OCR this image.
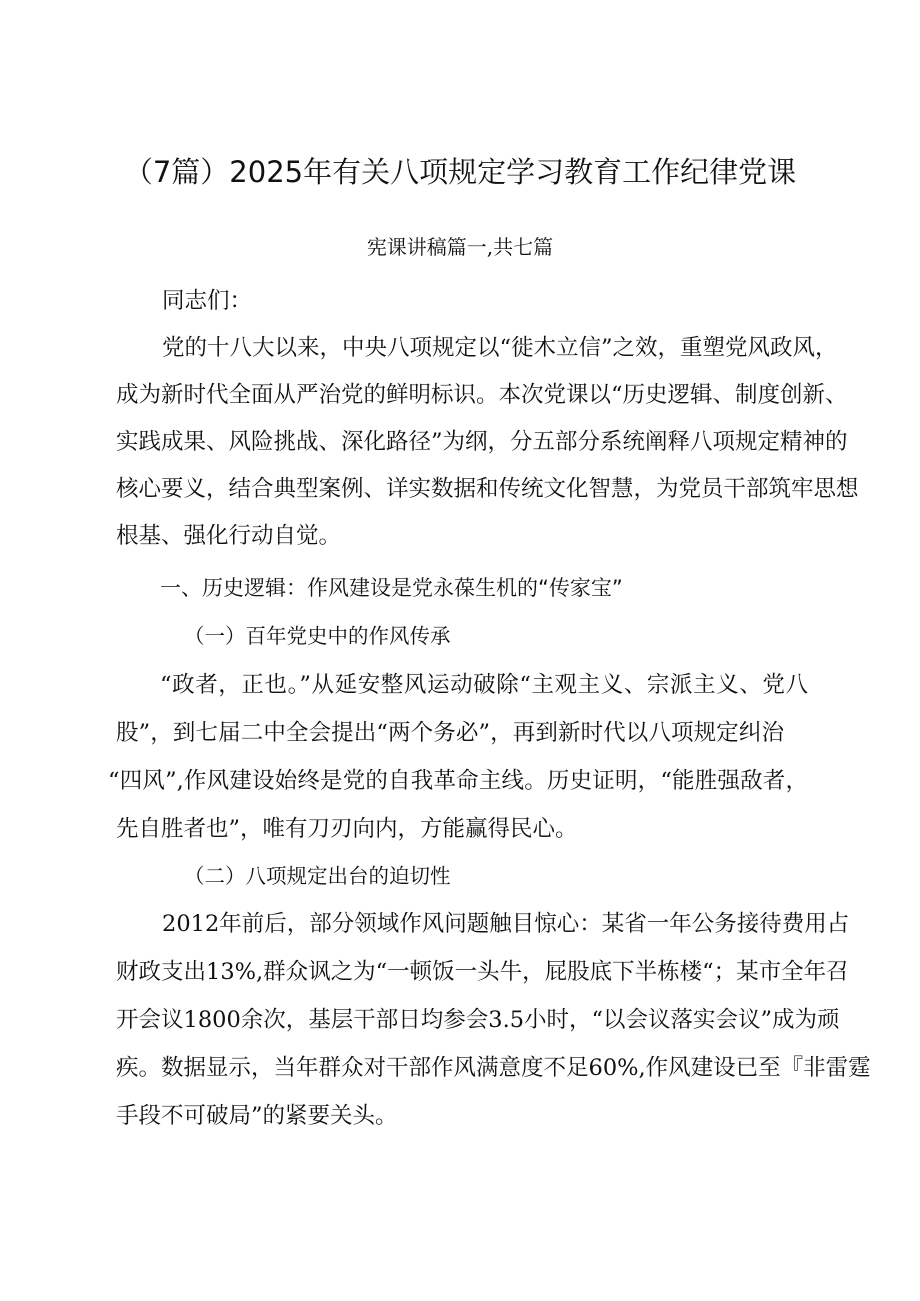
（7篇）2025年有关八项规定学习教育工作纪律党课
宪课讲稿篇一,共七篇
同志们：
党的十八大以来，中央八项规定以“徙木立信”之效，重塑党风政风，
成为新时代全面从严治党的鲜明标识。本次党课以“历史逻辑、制度创新、
实践成果、风险挑战、深化路径”为纲，分五部分系统阐释八项规定精神的
核心要义，结合典型案例、详实数据和传统文化智慧，为党员干部筑牢思想
根基、强化行动自觉。
一、历史逻辑：作风建设是党永葆生机的“传家宝”
（一）百年党史中的作风传承
“政者，正也。”从延安整风运动破除“主观主义、宗派主义、党八
股”，到七届二中全会提出“两个务必”，再到新时代以八项规定纠治
“四风”,作风建设始终是党的自我革命主线。历史证明，“能胜强敌者，
先自胜者也”，唯有刀刃向内，方能赢得民心。
（二）八项规定出台的迫切性
2012年前后，部分领域作风问题触目惊心：某省一年公务接待费用占
财政支出13%,群众讽之为“一顿饭一头牛，屁股底下半栋楼“；某市全年召
开会议1800余次，基层干部日均参会3.5小时，“以会议落实会议”成为顽
疾。数据显示，当年群众对干部作风满意度不足60%,作风建设已至『非雷霆
手段不可破局”的紧要关头。
